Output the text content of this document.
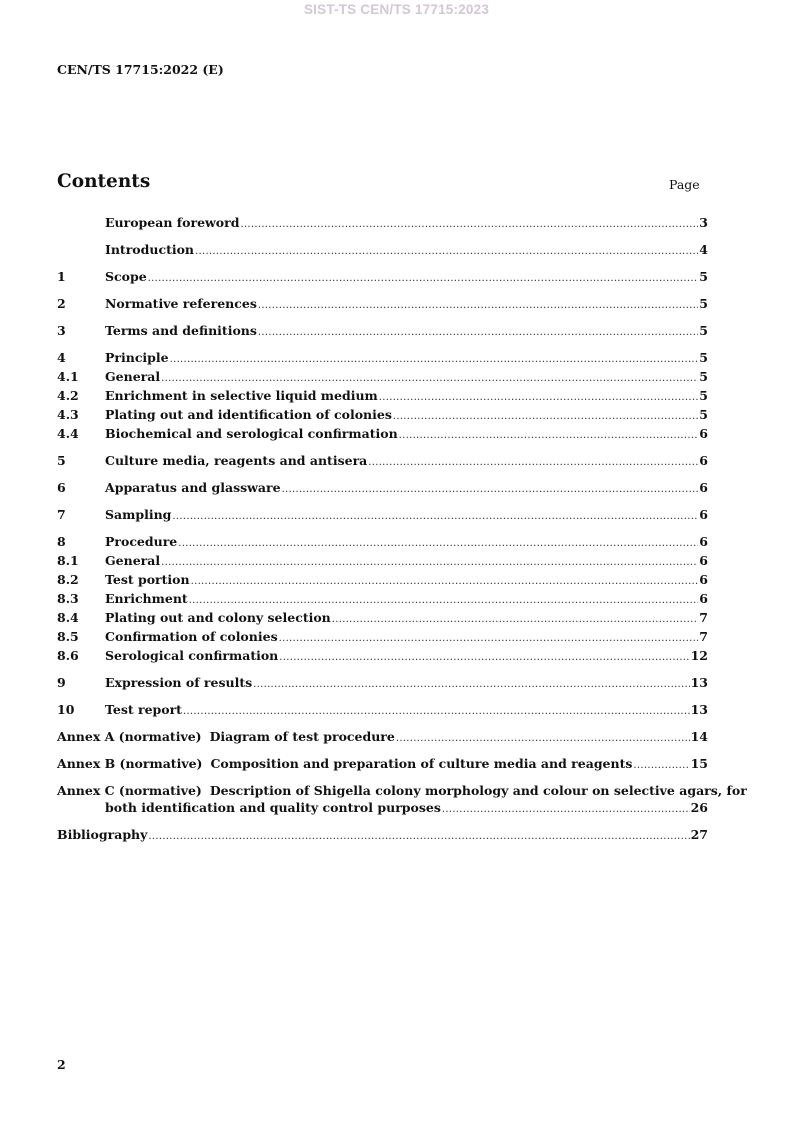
SIST-TS CEN/TS 17715:2023
CEN/TS 17715:2022 (E)
Contents	Page
European foreword .....	3
Introduction .....	4
1	Scope .....	5
2	Normative references .....	5
3	Terms and definitions .....	5
4	Principle .....	5
4.1	General .....	5
4.2	Enrichment in selective liquid medium .....	5
4.3	Plating out and identification of colonies .....	5
4.4	Biochemical and serological confirmation .....	6
5	Culture media, reagents and antisera .....	6
6	Apparatus and glassware .....	6
7	Sampling .....	6
8	Procedure .....	6
8.1	General .....	6
8.2	Test portion .....	6
8.3	Enrichment .....	6
8.4	Plating out and colony selection .....	7
8.5	Confirmation of colonies .....	7
8.6	Serological confirmation .....	12
9	Expression of results .....	13
10	Test report .....	13
Annex A (normative) Diagram of test procedure .....	14
Annex B (normative) Composition and preparation of culture media and reagents .....	15
Annex C (normative) Description of Shigella colony morphology and colour on selective agars, for
both identification and quality control purposes .....	26
Bibliography .....	27
2
